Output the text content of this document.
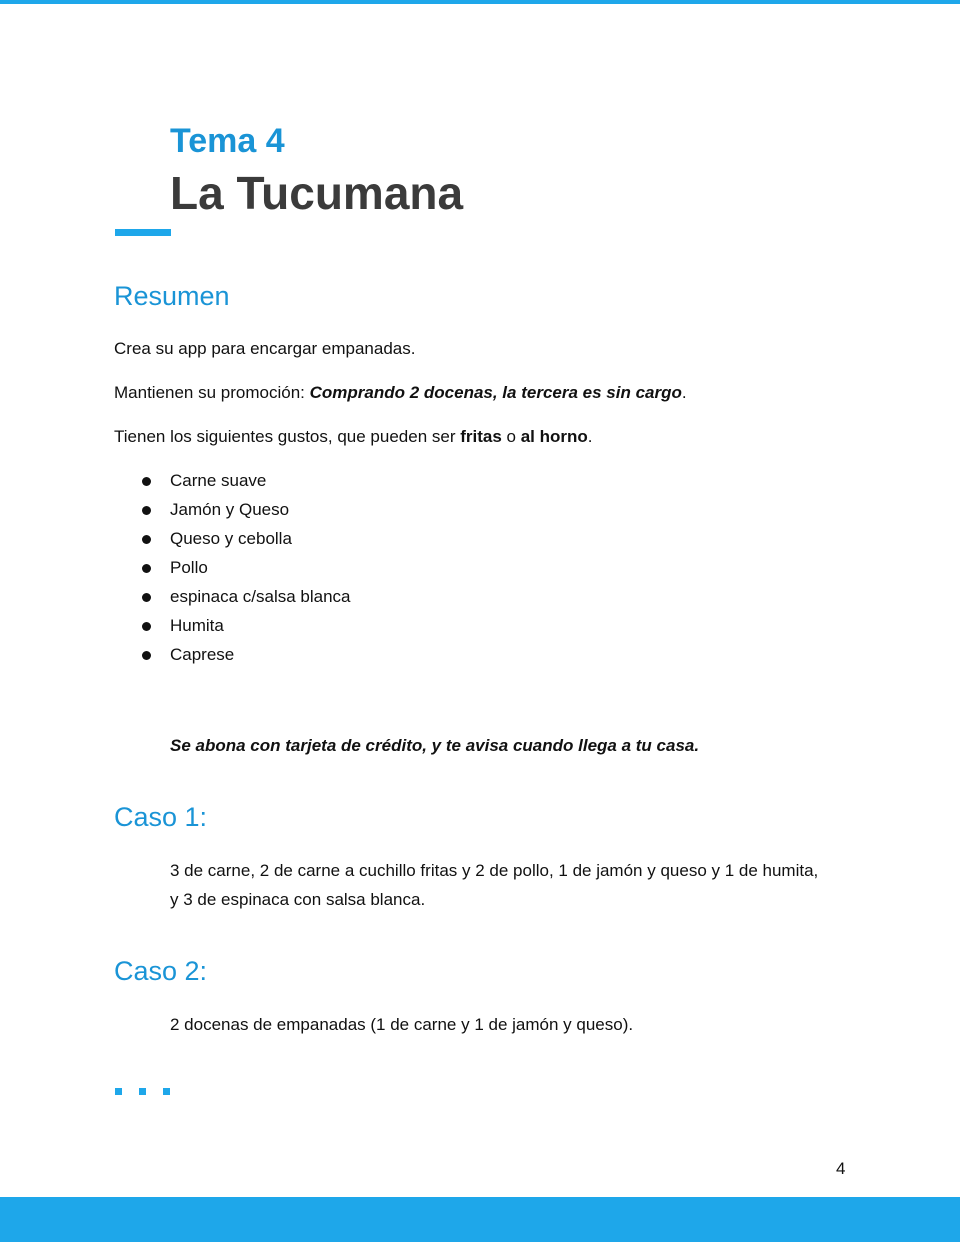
Tema 4
La Tucumana
Resumen
Crea su app para encargar empanadas.
Mantienen su promoción: Comprando 2 docenas, la tercera es sin cargo.
Tienen los siguientes gustos, que pueden ser fritas o al horno.
Carne suave
Jamón y Queso
Queso y cebolla
Pollo
espinaca c/salsa blanca
Humita
Caprese
Se abona con tarjeta de crédito, y te avisa cuando llega a tu casa.
Caso 1:
3 de carne, 2 de carne a cuchillo fritas y 2 de pollo, 1 de jamón y queso y 1 de humita, y 3 de espinaca con salsa blanca.
Caso 2:
2 docenas de empanadas (1 de carne y 1 de jamón y queso).
4
